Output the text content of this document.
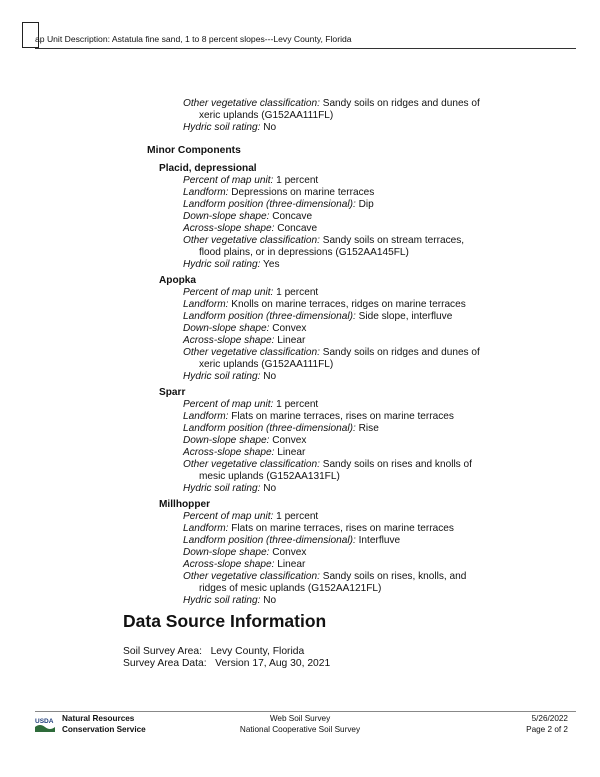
ap Unit Description: Astatula fine sand, 1 to 8 percent slopes---Levy County, Florida
Other vegetative classification: Sandy soils on ridges and dunes of
xeric uplands (G152AA111FL)
Hydric soil rating: No
Minor Components
Placid, depressional
Percent of map unit: 1 percent
Landform: Depressions on marine terraces
Landform position (three-dimensional): Dip
Down-slope shape: Concave
Across-slope shape: Concave
Other vegetative classification: Sandy soils on stream terraces,
flood plains, or in depressions (G152AA145FL)
Hydric soil rating: Yes
Apopka
Percent of map unit: 1 percent
Landform: Knolls on marine terraces, ridges on marine terraces
Landform position (three-dimensional): Side slope, interfluve
Down-slope shape: Convex
Across-slope shape: Linear
Other vegetative classification: Sandy soils on ridges and dunes of
xeric uplands (G152AA111FL)
Hydric soil rating: No
Sparr
Percent of map unit: 1 percent
Landform: Flats on marine terraces, rises on marine terraces
Landform position (three-dimensional): Rise
Down-slope shape: Convex
Across-slope shape: Linear
Other vegetative classification: Sandy soils on rises and knolls of
mesic uplands (G152AA131FL)
Hydric soil rating: No
Millhopper
Percent of map unit: 1 percent
Landform: Flats on marine terraces, rises on marine terraces
Landform position (three-dimensional): Interfluve
Down-slope shape: Convex
Across-slope shape: Linear
Other vegetative classification: Sandy soils on rises, knolls, and
ridges of mesic uplands (G152AA121FL)
Hydric soil rating: No
Data Source Information
Soil Survey Area:   Levy County, Florida
Survey Area Data:   Version 17, Aug 30, 2021
USDA Natural Resources
Conservation Service
Web Soil Survey
National Cooperative Soil Survey
5/26/2022
Page 2 of 2
